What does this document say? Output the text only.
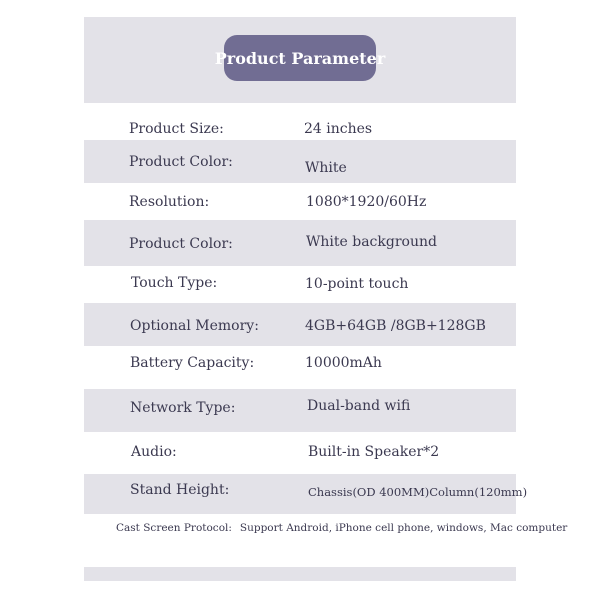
Product Parameter
Product Size:	24 inches
Product Color:	White
Resolution:	1080*1920/60Hz
Product Color:	White background
Touch Type:	10-point touch
Optional Memory:	4GB+64GB /8GB+128GB
Battery Capacity:	10000mAh
Network Type:	Dual-band wifi
Audio:	Built-in Speaker*2
Stand Height:	Chassis(OD 400MM)Column(120mm)
Cast Screen Protocol: Support Android, iPhone cell phone, windows, Mac computer
